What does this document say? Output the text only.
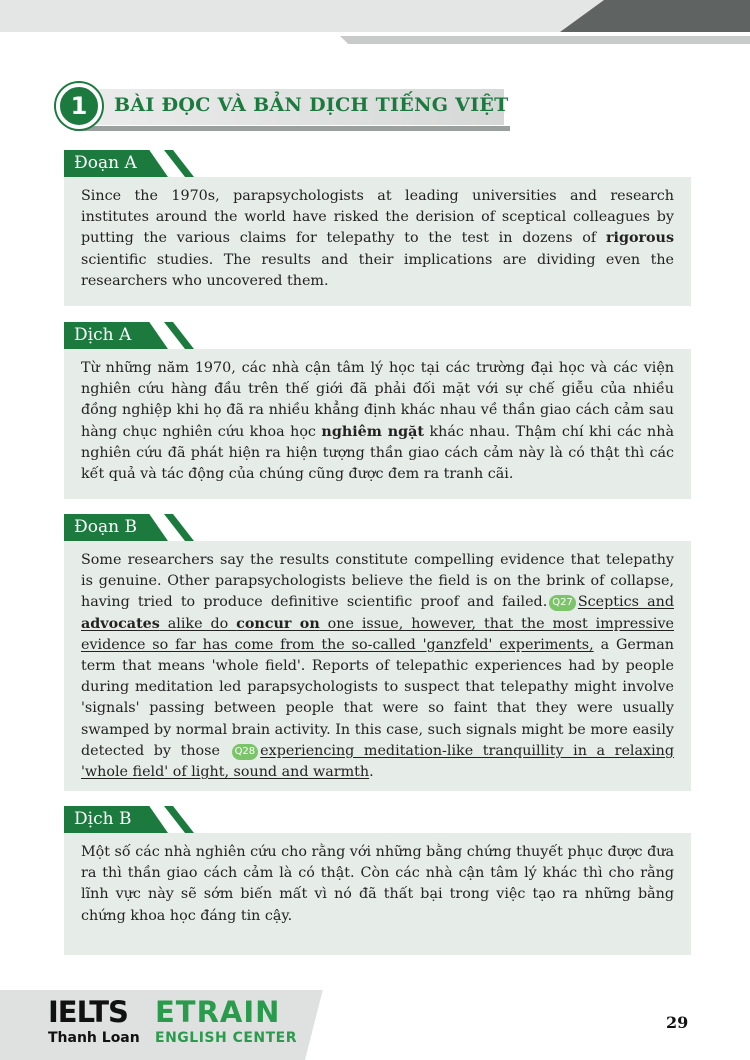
1	BÀI ĐỌC VÀ BẢN DỊCH TIẾNG VIỆT
Đoạn A

Since the 1970s, parapsychologists at leading universities and research institutes around the world have risked the derision of sceptical colleagues by putting the various claims for telepathy to the test in dozens of rigorous scientific studies. The results and their implications are dividing even the researchers who uncovered them.

Dịch A

Từ những năm 1970, các nhà cận tâm lý học tại các trường đại học và các viện nghiên cứu hàng đầu trên thế giới đã phải đối mặt với sự chế giễu của nhiều đồng nghiệp khi họ đã ra nhiều khẳng định khác nhau về thần giao cách cảm sau hàng chục nghiên cứu khoa học nghiêm ngặt khác nhau. Thậm chí khi các nhà nghiên cứu đã phát hiện ra hiện tượng thần giao cách cảm này là có thật thì các kết quả và tác động của chúng cũng được đem ra tranh cãi.

Đoạn B

Some researchers say the results constitute compelling evidence that telepathy is genuine. Other parapsychologists believe the field is on the brink of collapse, having tried to produce definitive scientific proof and failed. Q27 Sceptics and advocates alike do concur on one issue, however, that the most impressive evidence so far has come from the so-called 'ganzfeld' experiments, a German term that means 'whole field'. Reports of telepathic experiences had by people during meditation led parapsychologists to suspect that telepathy might involve 'signals' passing between people that were so faint that they were usually swamped by normal brain activity. In this case, such signals might be more easily detected by those Q28 experiencing meditation-like tranquillity in a relaxing 'whole field' of light, sound and warmth.

Dịch B

Một số các nhà nghiên cứu cho rằng với những bằng chứng thuyết phục được đưa ra thì thần giao cách cảm là có thật. Còn các nhà cận tâm lý khác thì cho rằng lĩnh vực này sẽ sớm biến mất vì nó đã thất bại trong việc tạo ra những bằng chứng khoa học đáng tin cậy.

IELTS
Thanh Loan
ETRAIN
ENGLISH CENTER
29
